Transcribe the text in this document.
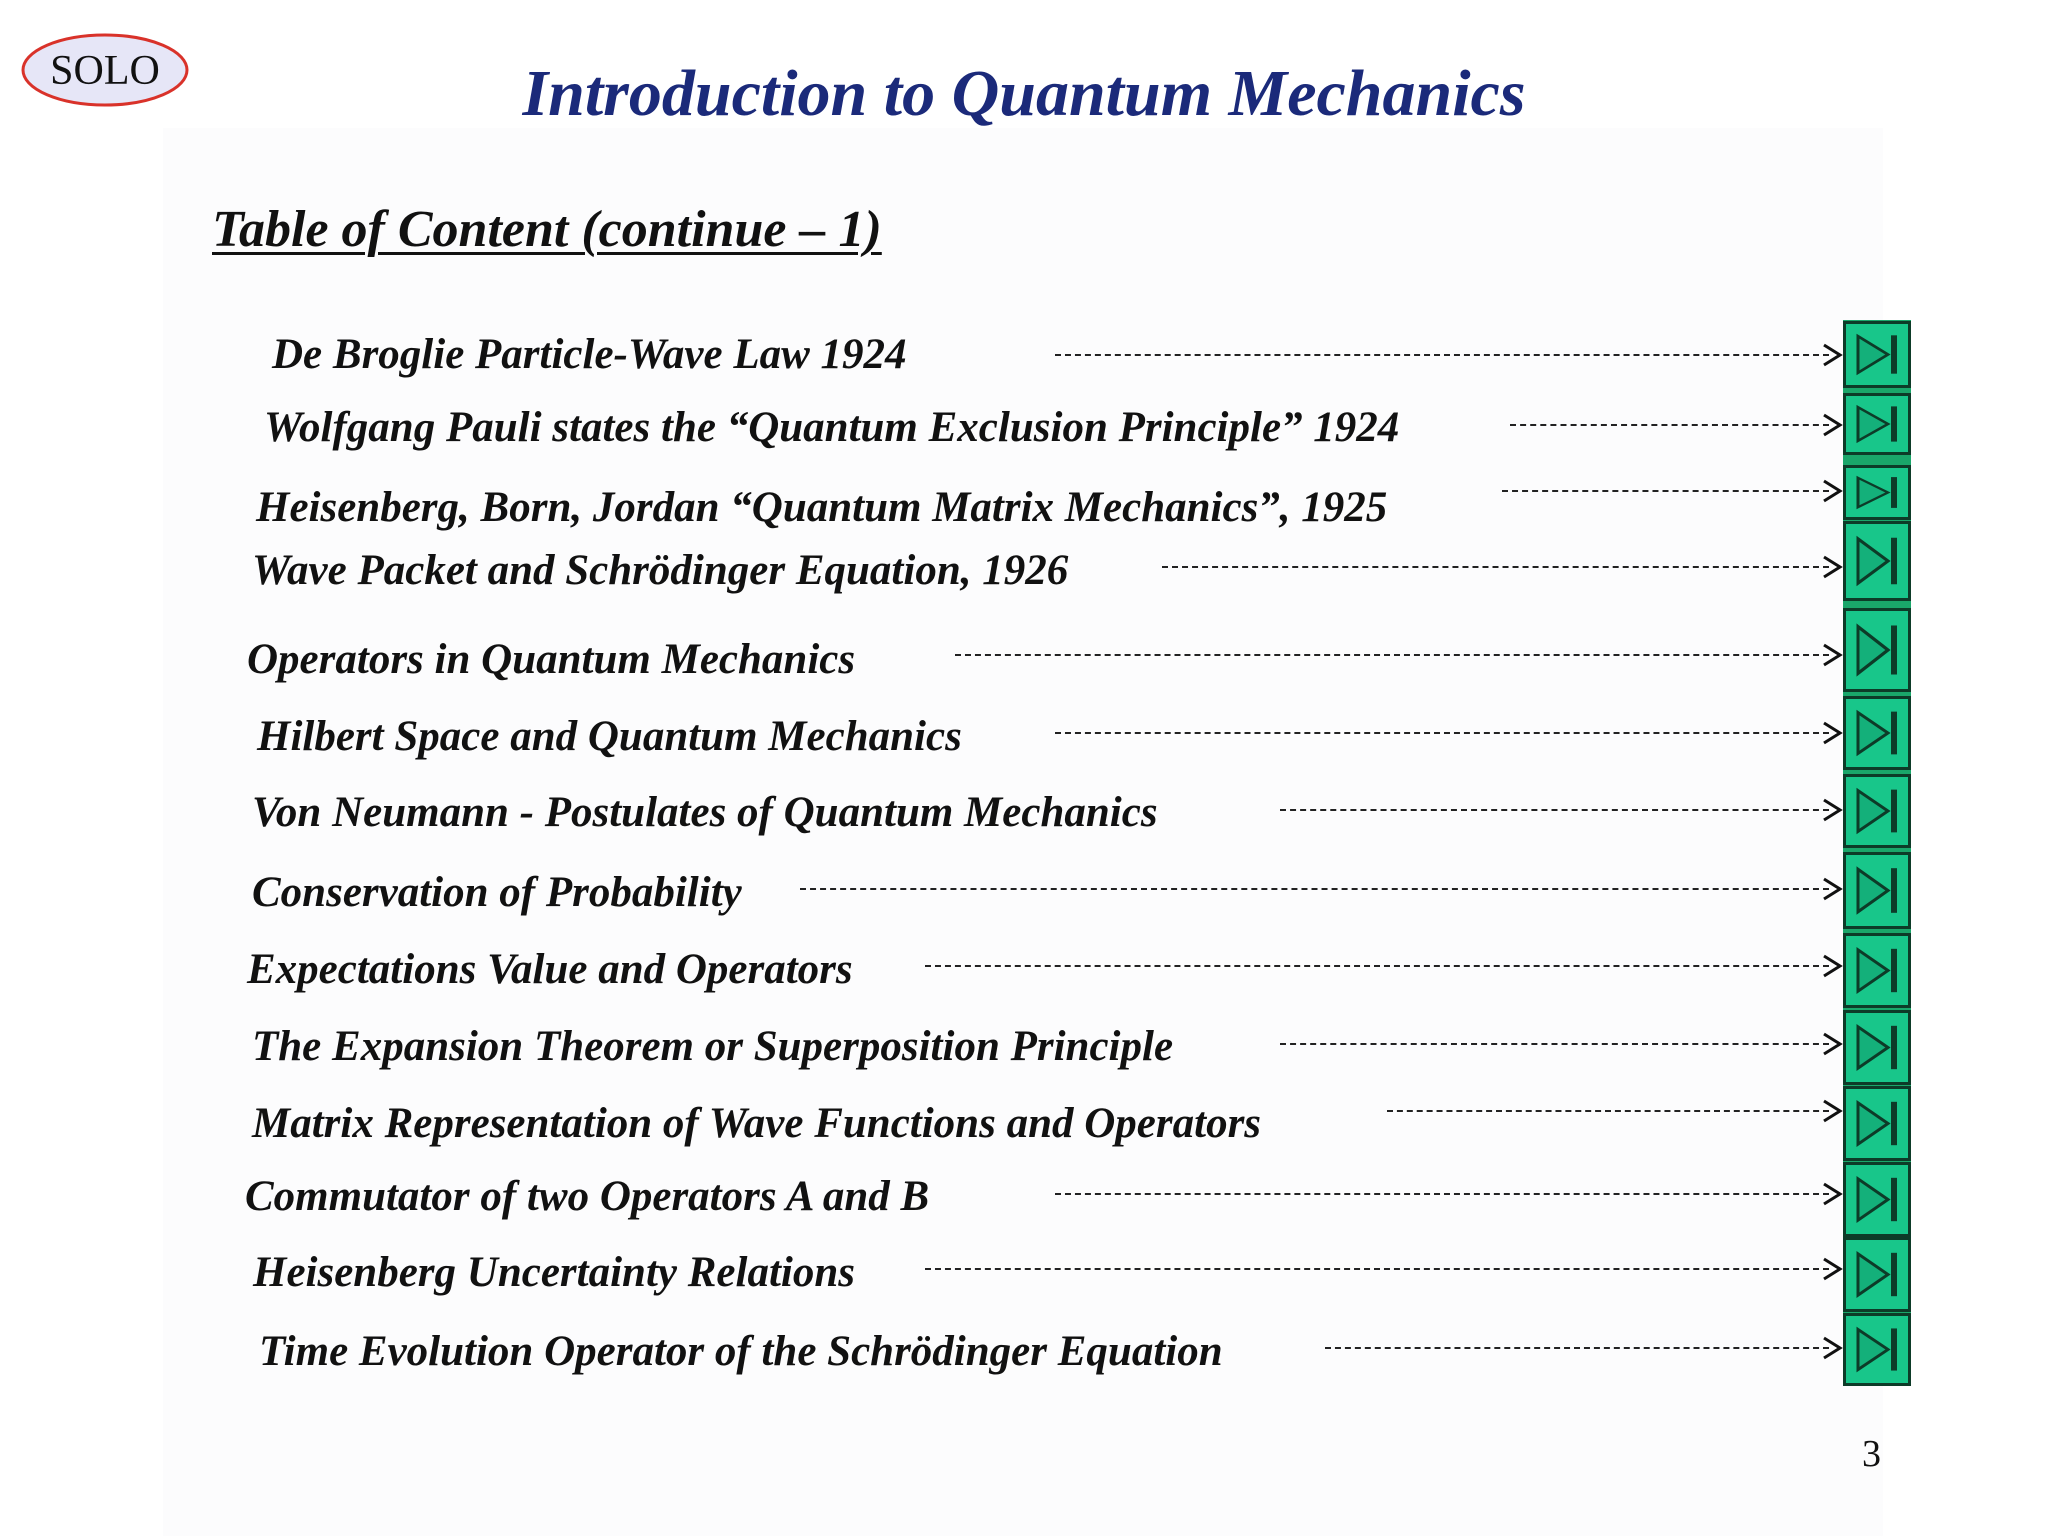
SOLO	Introduction to Quantum Mechanics
Table of Content (continue – 1)
De Broglie Particle-Wave Law 1924
Wolfgang Pauli states the “Quantum Exclusion Principle” 1924
Heisenberg, Born, Jordan “Quantum Matrix Mechanics”, 1925
Wave Packet and Schrödinger Equation, 1926
Operators in Quantum Mechanics
Hilbert Space and Quantum Mechanics
Von Neumann - Postulates of Quantum Mechanics
Conservation of Probability
Expectations Value and Operators
The Expansion Theorem or Superposition Principle
Matrix Representation of Wave Functions and Operators
Commutator of two Operators A and B
Heisenberg Uncertainty Relations
Time Evolution Operator of the Schrödinger Equation
3
